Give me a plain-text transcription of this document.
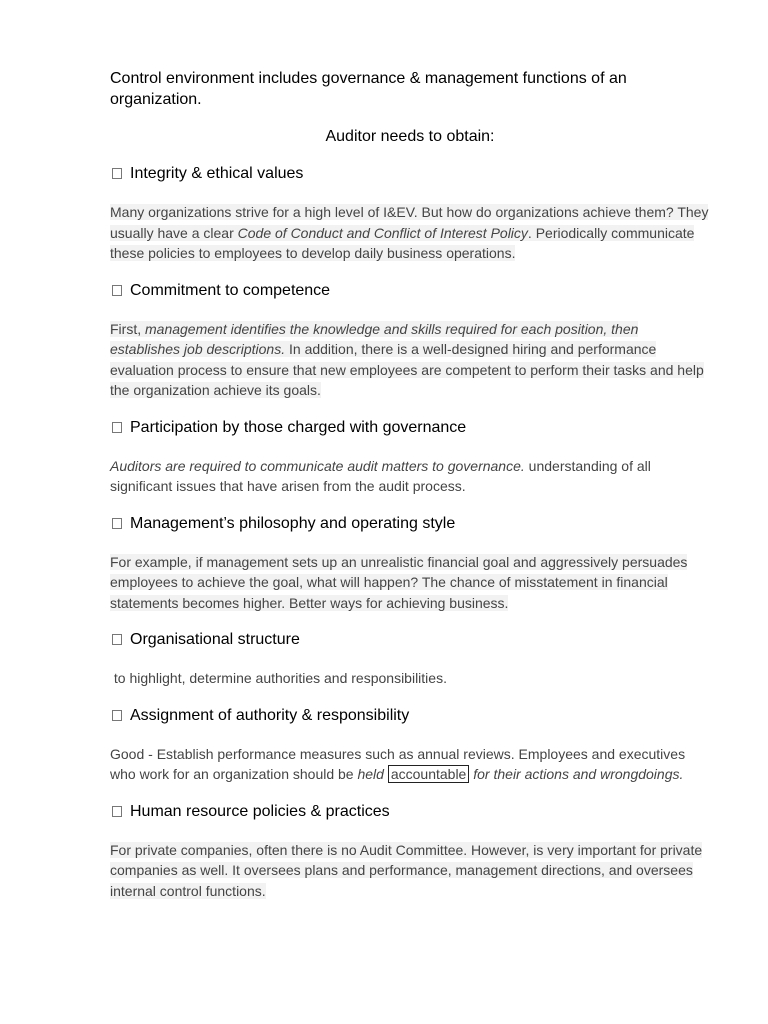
Control environment includes governance & management functions of an organization.

Auditor needs to obtain:

Integrity & ethical values

Many organizations strive for a high level of I&EV. But how do organizations achieve them? They usually have a clear Code of Conduct and Conflict of Interest Policy. Periodically communicate these policies to employees to develop daily business operations.

Commitment to competence

First, management identifies the knowledge and skills required for each position, then establishes job descriptions. In addition, there is a well-designed hiring and performance evaluation process to ensure that new employees are competent to perform their tasks and help the organization achieve its goals.

Participation by those charged with governance

Auditors are required to communicate audit matters to governance. understanding of all significant issues that have arisen from the audit process.

Management’s philosophy and operating style

For example, if management sets up an unrealistic financial goal and aggressively persuades employees to achieve the goal, what will happen? The chance of misstatement in financial statements becomes higher. Better ways for achieving business.

Organisational structure

to highlight, determine authorities and responsibilities.

Assignment of authority & responsibility

Good - Establish performance measures such as annual reviews. Employees and executives who work for an organization should be held accountable for their actions and wrongdoings.

Human resource policies & practices

For private companies, often there is no Audit Committee. However, is very important for private companies as well. It oversees plans and performance, management directions, and oversees internal control functions.
